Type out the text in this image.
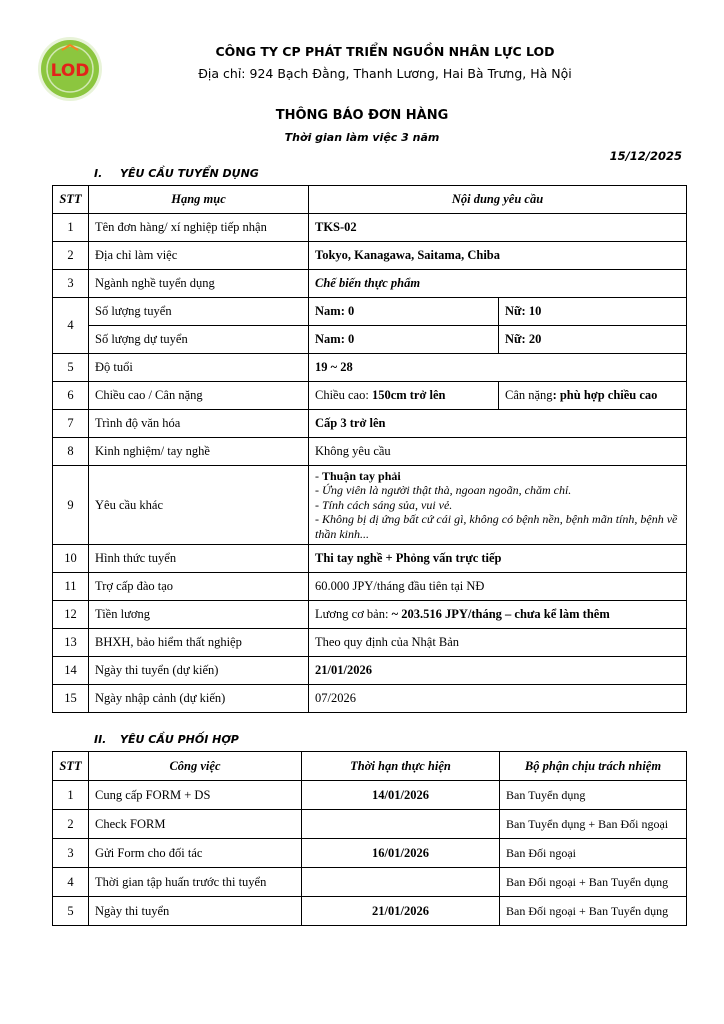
LOD
CÔNG TY CP PHÁT TRIỂN NGUỒN NHÂN LỰC LOD
Địa chỉ: 924 Bạch Đằng, Thanh Lương, Hai Bà Trưng, Hà Nội
THÔNG BÁO ĐƠN HÀNG
Thời gian làm việc 3 năm
15/12/2025
I. YÊU CẦU TUYỂN DỤNG
STT	Hạng mục	Nội dung yêu cầu	
1	Tên đơn hàng/ xí nghiệp tiếp nhận	TKS-02	
2	Địa chỉ làm việc	Tokyo, Kanagawa, Saitama, Chiba	
3	Ngành nghề tuyển dụng	Chế biến thực phẩm	
4	Số lượng tuyển	Nam: 0	Nữ: 10
	Số lượng dự tuyển	Nam: 0	Nữ: 20
5	Độ tuổi	19 ~ 28	
6	Chiều cao / Cân nặng	Chiều cao: 150cm trở lên	Cân nặng: phù hợp chiều cao
7	Trình độ văn hóa	Cấp 3 trở lên	
8	Kinh nghiệm/ tay nghề	Không yêu cầu	
9	Yêu cầu khác	- Thuận tay phải
- Ứng viên là người thật thà, ngoan ngoãn, chăm chỉ.
- Tính cách sáng sủa, vui vẻ.
- Không bị dị ứng bất cứ cái gì, không có bệnh nền, bệnh mãn tính, bệnh về thần kinh...	

10	Hình thức tuyển	Thi tay nghề + Phỏng vấn trực tiếp	
11	Trợ cấp đào tạo	60.000 JPY/tháng đầu tiên tại NĐ	
12	Tiền lương	Lương cơ bản: ~ 203.516 JPY/tháng – chưa kể làm thêm	
13	BHXH, bảo hiểm thất nghiệp	Theo quy định của Nhật Bản	
14	Ngày thi tuyển (dự kiến)	21/01/2026	
15	Ngày nhập cảnh (dự kiến)	07/2026	
II. YÊU CẦU PHỐI HỢP
STT	Công việc	Thời hạn thực hiện	Bộ phận chịu trách nhiệm
1	Cung cấp FORM + DS	14/01/2026	Ban Tuyển dụng
2	Check FORM		Ban Tuyển dụng + Ban Đối ngoại
3	Gửi Form cho đối tác	16/01/2026	Ban Đối ngoại
4	Thời gian tập huấn trước thi tuyển		Ban Đối ngoại + Ban Tuyển dụng
5	Ngày thi tuyển	21/01/2026	Ban Đối ngoại + Ban Tuyển dụng
